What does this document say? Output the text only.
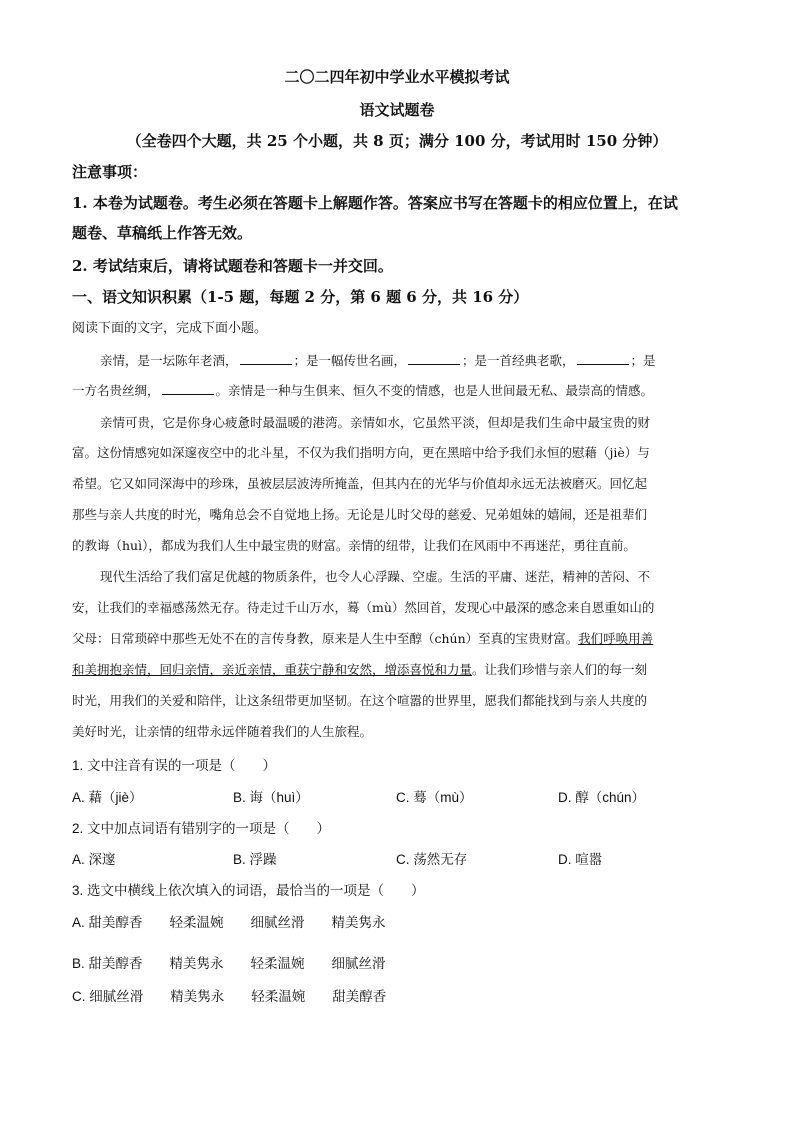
二〇二四年初中学业水平模拟考试
语文试题卷
（全卷四个大题，共 25 个小题，共 8 页；满分 100 分，考试用时 150 分钟）
注意事项：
1. 本卷为试题卷。考生必须在答题卡上解题作答。答案应书写在答题卡的相应位置上，在试
题卷、草稿纸上作答无效。
2. 考试结束后，请将试题卷和答题卡一并交回。
一、语文知识积累（1-5 题，每题 2 分，第 6 题 6 分，共 16 分）
阅读下面的文字，完成下面小题。
亲情，是一坛陈年老酒，	；是一幅传世名画，	；是一首经典老歌，	；是
一方名贵丝绸，	。亲情是一种与生俱来、恒久不变的情感，也是人世间最无私、最崇高的情感。
亲情可贵，它是你身心疲惫时最温暖的港湾。亲情如水，它虽然平淡，但却是我们生命中最宝贵的财
富。这份情感宛如深邃夜空中的北斗星，不仅为我们指明方向，更在黑暗中给予我们永恒的慰藉（jiè）与
希望。它又如同深海中的珍珠，虽被层层波涛所掩盖，但其内在的光华与价值却永远无法被磨灭。回忆起
那些与亲人共度的时光，嘴角总会不自觉地上扬。无论是儿时父母的慈爱、兄弟姐妹的嬉闹，还是祖辈们
的教诲（huì），都成为我们人生中最宝贵的财富。亲情的纽带，让我们在风雨中不再迷茫，勇往直前。
现代生活给了我们富足优越的物质条件，也令人心浮躁、空虚。生活的平庸、迷茫，精神的苦闷、不
安，让我们的幸福感荡然无存。待走过千山万水，蓦（mù）然回首，发现心中最深的感念来自恩重如山的
父母：日常琐碎中那些无处不在的言传身教，原来是人生中至醇（chún）至真的宝贵财富。我们呼唤用善
和美拥抱亲情，回归亲情，亲近亲情，重获宁静和安然，增添喜悦和力量。让我们珍惜与亲人们的每一刻
时光，用我们的关爱和陪伴，让这条纽带更加坚韧。在这个喧嚣的世界里，愿我们都能找到与亲人共度的
美好时光，让亲情的纽带永远伴随着我们的人生旅程。
1. 文中注音有误的一项是（　　）
A. 藉（jiè）	B. 诲（huì）	C. 蓦（mù）	D. 醇（chún）
2. 文中加点词语有错别字的一项是（　　）
A. 深邃	B. 浮躁	C. 荡然无存	D. 喧嚣
3. 选文中横线上依次填入的词语，最恰当的一项是（　　）
A. 甜美醇香　　轻柔温婉　　细腻丝滑　　精美隽永
B. 甜美醇香　　精美隽永　　轻柔温婉　　细腻丝滑
C. 细腻丝滑　　精美隽永　　轻柔温婉　　甜美醇香
